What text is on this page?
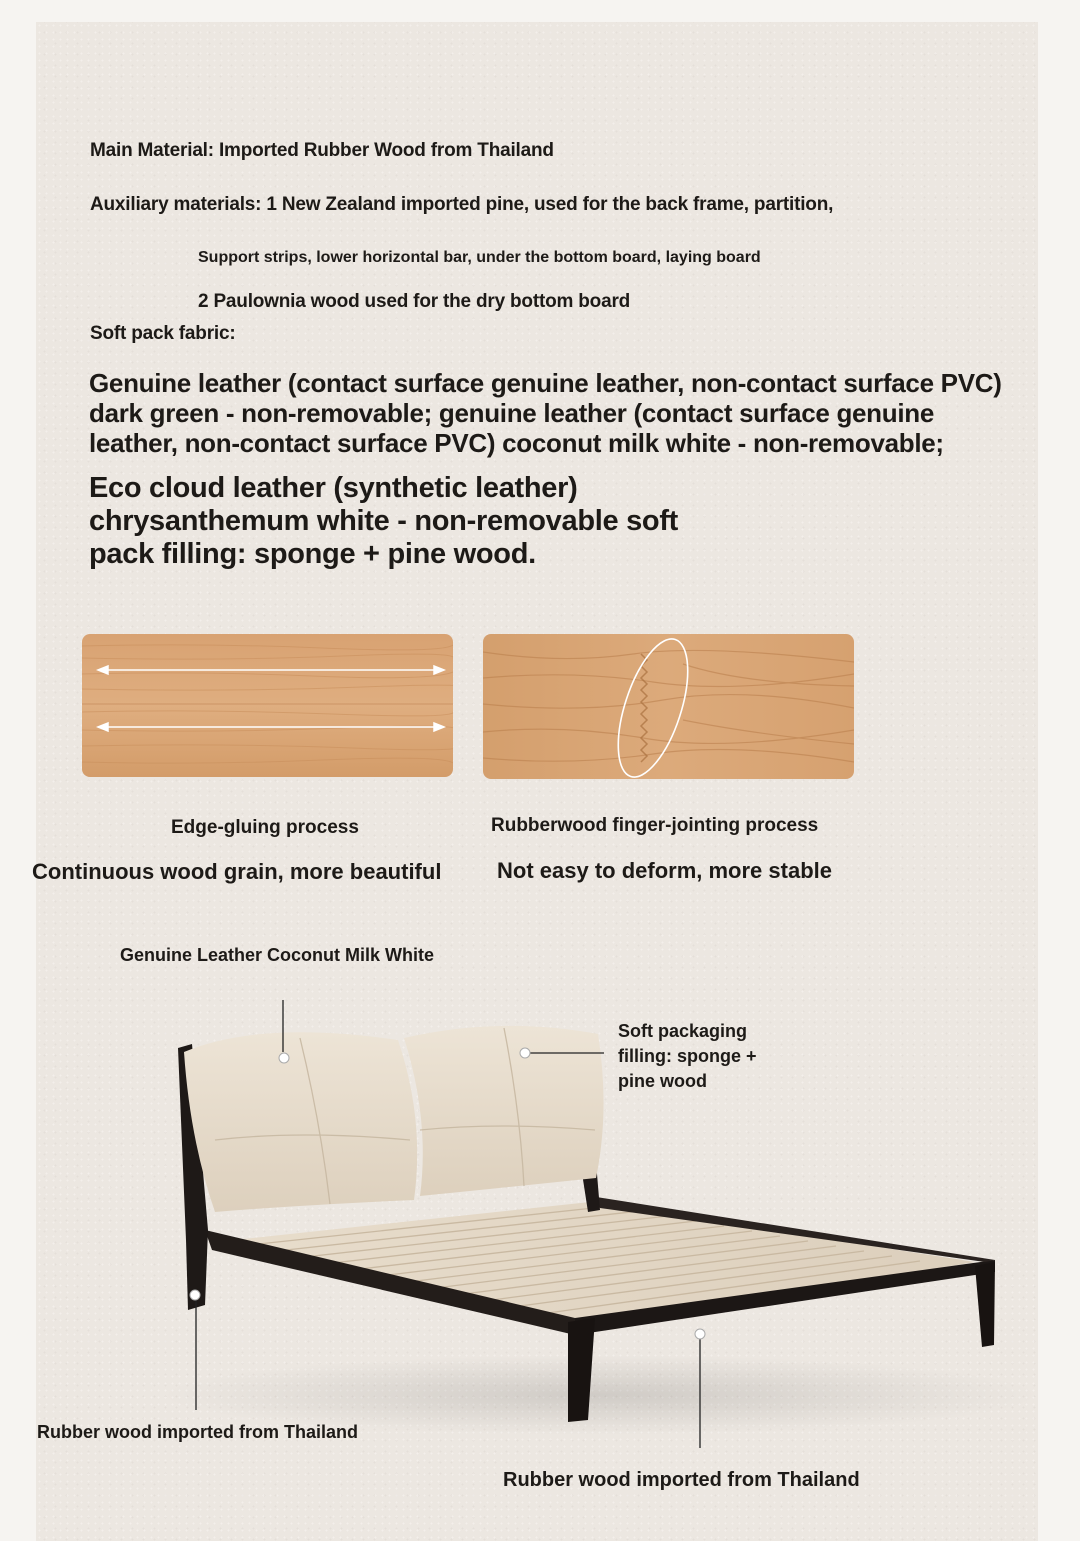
Main Material: Imported Rubber Wood from Thailand

Auxiliary materials: 1 New Zealand imported pine, used for the back frame, partition,

Support strips, lower horizontal bar, under the bottom board, laying board

2 Paulownia wood used for the dry bottom board

Soft pack fabric:

Genuine leather (contact surface genuine leather, non-contact surface PVC) dark green - non-removable; genuine leather (contact surface genuine leather, non-contact surface PVC) coconut milk white - non-removable;

Eco cloud leather (synthetic leather) chrysanthemum white - non-removable soft pack filling: sponge + pine wood.

Edge-gluing process

Continuous wood grain, more beautiful

Rubberwood finger-jointing process

Not easy to deform, more stable

Genuine Leather Coconut Milk White

Soft packaging filling: sponge + pine wood

Rubber wood imported from Thailand

Rubber wood imported from Thailand
